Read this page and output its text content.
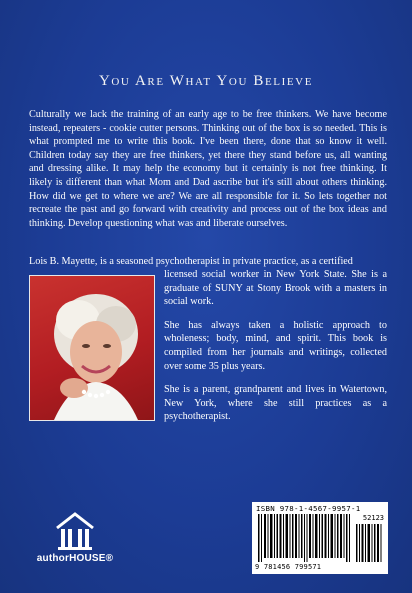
You Are What You Believe
Culturally we lack the training of an early age to be free thinkers. We have become instead, repeaters - cookie cutter persons. Thinking out of the box is so needed. This is what prompted me to write this book. I've been there, done that so know it well. Children today say they are free thinkers, yet there they stand before us, all wanting and dressing alike. It may help the economy but it certainly is not free thinking. It likely is different than what Mom and Dad ascribe but it's still about others thinking. How did we get to where we are? We are all responsible for it. So lets together not recreate the past and go forward with creativity and process out of the box ideas and thinking. Develop questioning what was and liberate ourselves.
Lois B. Mayette, is a seasoned psychotherapist in private practice, as a certified

licensed social worker in New York State. She is a graduate of SUNY at Stony Brook with a masters in social work.

She has always taken a holistic approach to wholeness; body, mind, and spirit. This book is compiled from her journals and writings, collected over some 35 plus years.

She is a parent, grandparent and lives in Watertown, New York, where she still practices as a psychotherapist.

authorHOUSE®
ISBN 978-1-4567-9957-1
52123
9 781456 799571
